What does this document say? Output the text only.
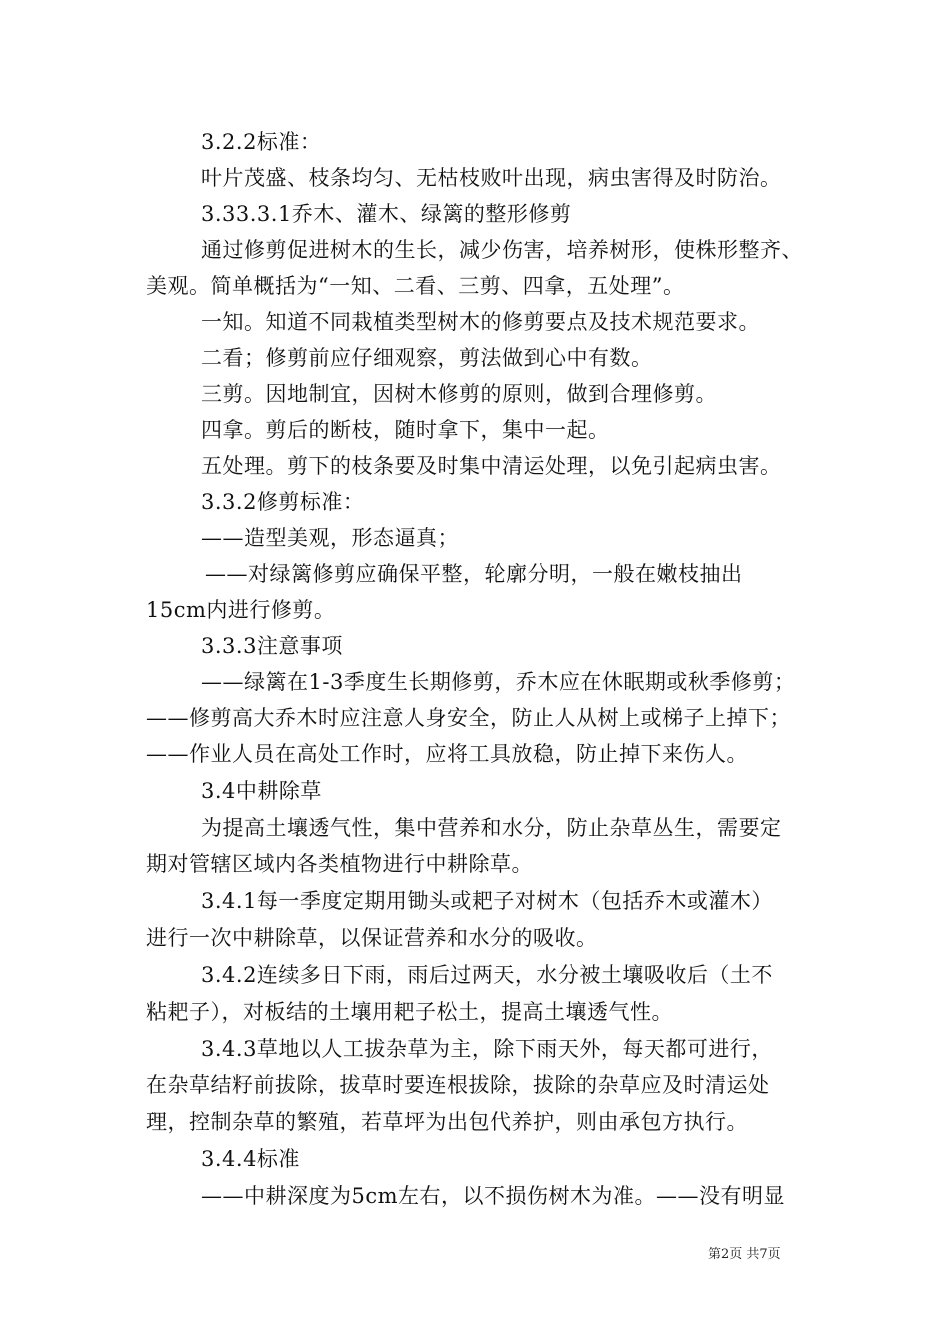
3.2.2标准：
叶片茂盛、枝条均匀、无枯枝败叶出现，病虫害得及时防治。
3.33.3.1乔木、灌木、绿篱的整形修剪
通过修剪促进树木的生长，减少伤害，培养树形，使株形整齐、
美观。简单概括为“一知、二看、三剪、四拿，五处理”。
一知。知道不同栽植类型树木的修剪要点及技术规范要求。
二看；修剪前应仔细观察，剪法做到心中有数。
三剪。因地制宜，因树木修剪的原则，做到合理修剪。
四拿。剪后的断枝，随时拿下，集中一起。
五处理。剪下的枝条要及时集中清运处理，以免引起病虫害。
3.3.2修剪标准：
——造型美观，形态逼真；
——对绿篱修剪应确保平整，轮廓分明，一般在嫩枝抽出
15cm内进行修剪。
3.3.3注意事项
——绿篱在1-3季度生长期修剪，乔木应在休眠期或秋季修剪；
——修剪高大乔木时应注意人身安全，防止人从树上或梯子上掉下；
——作业人员在高处工作时，应将工具放稳，防止掉下来伤人。
3.4中耕除草
为提高土壤透气性，集中营养和水分，防止杂草丛生，需要定
期对管辖区域内各类植物进行中耕除草。
3.4.1每一季度定期用锄头或耙子对树木（包括乔木或灌木）
进行一次中耕除草，以保证营养和水分的吸收。
3.4.2连续多日下雨，雨后过两天，水分被土壤吸收后（土不
粘耙子），对板结的土壤用耙子松土，提高土壤透气性。
3.4.3草地以人工拔杂草为主，除下雨天外，每天都可进行，
在杂草结籽前拔除，拔草时要连根拔除，拔除的杂草应及时清运处
理，控制杂草的繁殖，若草坪为出包代养护，则由承包方执行。
3.4.4标准
——中耕深度为5cm左右，以不损伤树木为准。——没有明显
第2页 共7页
